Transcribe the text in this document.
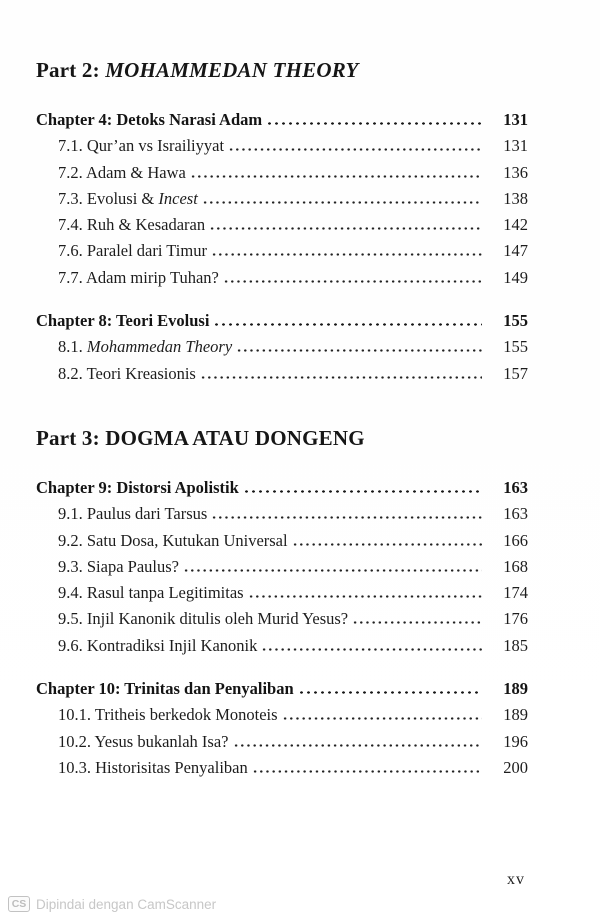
Part 2: MOHAMMEDAN THEORY
Chapter 4: Detoks Narasi Adam	131
7.1. Qur’an vs Israiliyyat	131
7.2. Adam & Hawa	136
7.3. Evolusi & Incest	138
7.4. Ruh & Kesadaran	142
7.6. Paralel dari Timur	147
7.7. Adam mirip Tuhan?	149
Chapter 8: Teori Evolusi	155
8.1. Mohammedan Theory	155
8.2. Teori Kreasionis	157
Part 3: DOGMA ATAU DONGENG
Chapter 9: Distorsi Apolistik	163
9.1. Paulus dari Tarsus	163
9.2. Satu Dosa, Kutukan Universal	166
9.3. Siapa Paulus?	168
9.4. Rasul tanpa Legitimitas	174
9.5. Injil Kanonik ditulis oleh Murid Yesus?	176
9.6. Kontradiksi Injil Kanonik	185
Chapter 10: Trinitas dan Penyaliban	189
10.1. Tritheis berkedok Monoteis	189
10.2. Yesus bukanlah Isa?	196
10.3. Historisitas Penyaliban	200
xv
CS Dipindai dengan CamScanner
